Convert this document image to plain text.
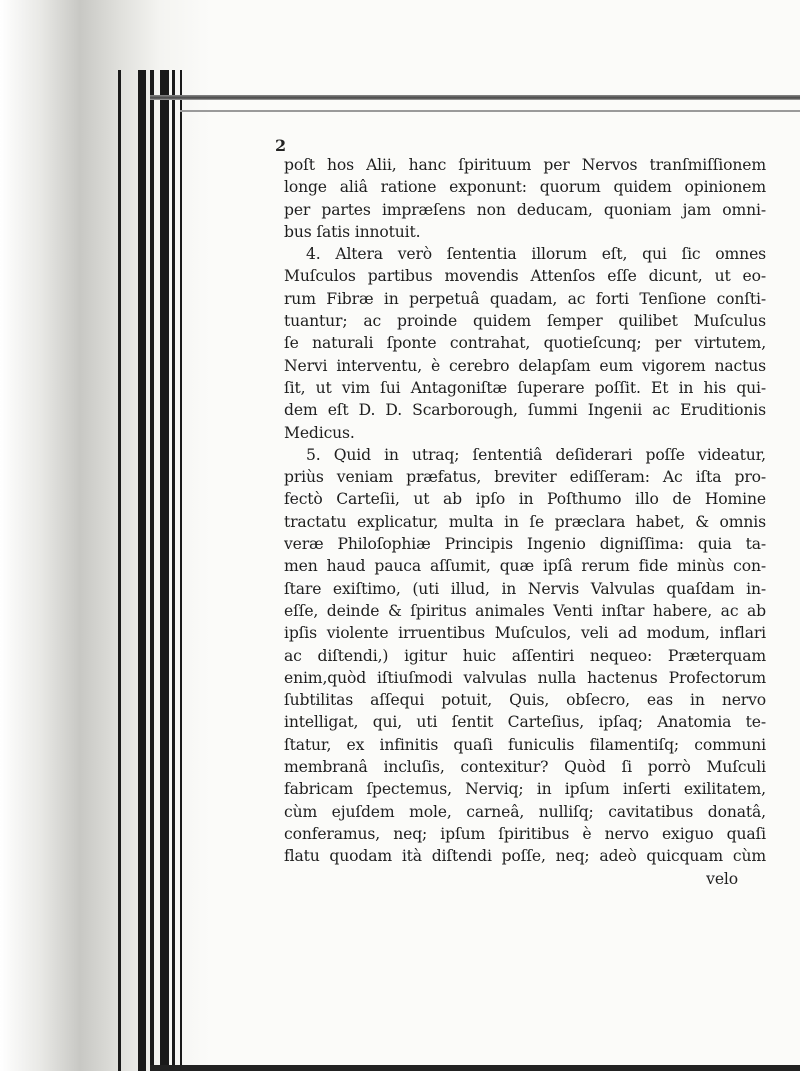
2
poſt hos Alii, hanc ſpirituum per Nervos tranſmiſſionem
longe aliâ ratione exponunt: quorum quidem opinionem
per partes impræſens non deducam, quoniam jam omni-
bus ſatis innotuit.
4. Altera verò ſententia illorum eſt, qui ſic omnes
Muſculos partibus movendis Attenſos eſſe dicunt, ut eo-
rum Fibræ in perpetuâ quadam, ac forti Tenſione conſti-
tuantur; ac proinde quidem ſemper quilibet Muſculus
ſe naturali ſponte contrahat, quotieſcunq; per virtutem,
Nervi interventu, è cerebro delapſam eum vigorem nactus
ſit, ut vim ſui Antagoniſtæ ſuperare poſſit. Et in his qui-
dem eſt D. D. Scarborough, ſummi Ingenii ac Eruditionis
Medicus.
5. Quid in utraq; ſententiâ deſiderari poſſe videatur,
priùs veniam præfatus, breviter ediſſeram: Ac iſta pro-
fectò Carteſii, ut ab ipſo in Poſthumo illo de Homine
tractatu explicatur, multa in ſe præclara habet, & omnis
veræ Philoſophiæ Principis Ingenio digniſſima: quia ta-
men haud pauca aſſumit, quæ ipſâ rerum fide minùs con-
ſtare exiſtimo, (uti illud, in Nervis Valvulas quaſdam in-
eſſe, deinde & ſpiritus animales Venti inſtar habere, ac ab
ipſis violente irruentibus Muſculos, veli ad modum, inflari
ac diſtendi,) igitur huic aſſentiri nequeo: Præterquam
enim,quòd iſtiuſmodi valvulas nulla hactenus Profectorum
ſubtilitas aſſequi potuit, Quis, obſecro, eas in nervo
intelligat, qui, uti ſentit Carteſius, ipſaq; Anatomia te-
ſtatur, ex infinitis quaſi funiculis filamentiſq; communi
membranâ incluſis, contexitur? Quòd ſi porrò Muſculi
fabricam ſpectemus, Nerviq; in ipſum inſerti exilitatem,
cùm ejuſdem mole, carneâ, nulliſq; cavitatibus donatâ,
conferamus, neq; ipſum ſpiritibus è nervo exiguo quaſi
flatu quodam ità diſtendi poſſe, neq; adeò quicquam cùm
velo
